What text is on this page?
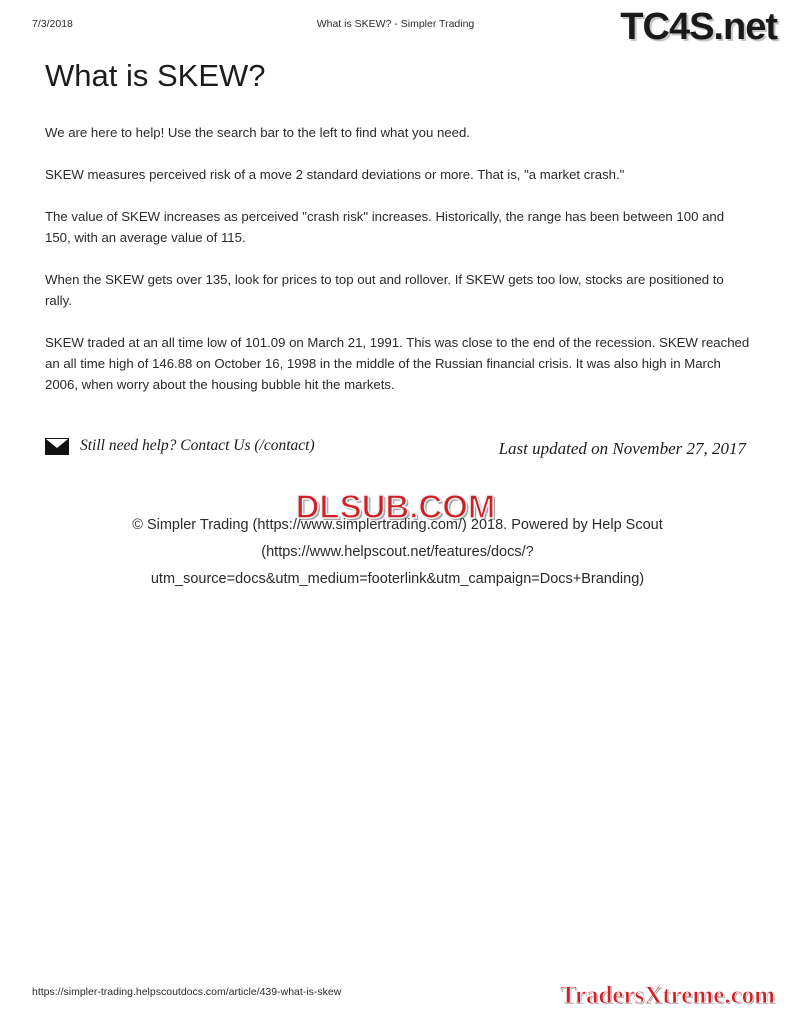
7/3/2018	What is SKEW? - Simpler Trading	TC4S.net
What is SKEW?

We are here to help! Use the search bar to the left to find what you need.

SKEW measures perceived risk of a move 2 standard deviations or more. That is, "a market crash."

The value of SKEW increases as perceived "crash risk" increases. Historically, the range has been between 100 and 150, with an average value of 115.

When the SKEW gets over 135, look for prices to top out and rollover. If SKEW gets too low, stocks are positioned to rally.

SKEW traded at an all time low of 101.09 on March 21, 1991. This was close to the end of the recession. SKEW reached an all time high of 146.88 on October 16, 1998 in the middle of the Russian financial crisis. It was also high in March 2006, when worry about the housing bubble hit the markets.

Still need help? Contact Us (/contact)	Last updated on November 27, 2017
© Simpler Trading (https://www.simplertrading.com/) 2018. Powered by Help Scout
(https://www.helpscout.net/features/docs/?
utm_source=docs&utm_medium=footerlink&utm_campaign=Docs+Branding)
DLSUB.COM
https://simpler-trading.helpscoutdocs.com/article/439-what-is-skew	TradersXtreme.com
